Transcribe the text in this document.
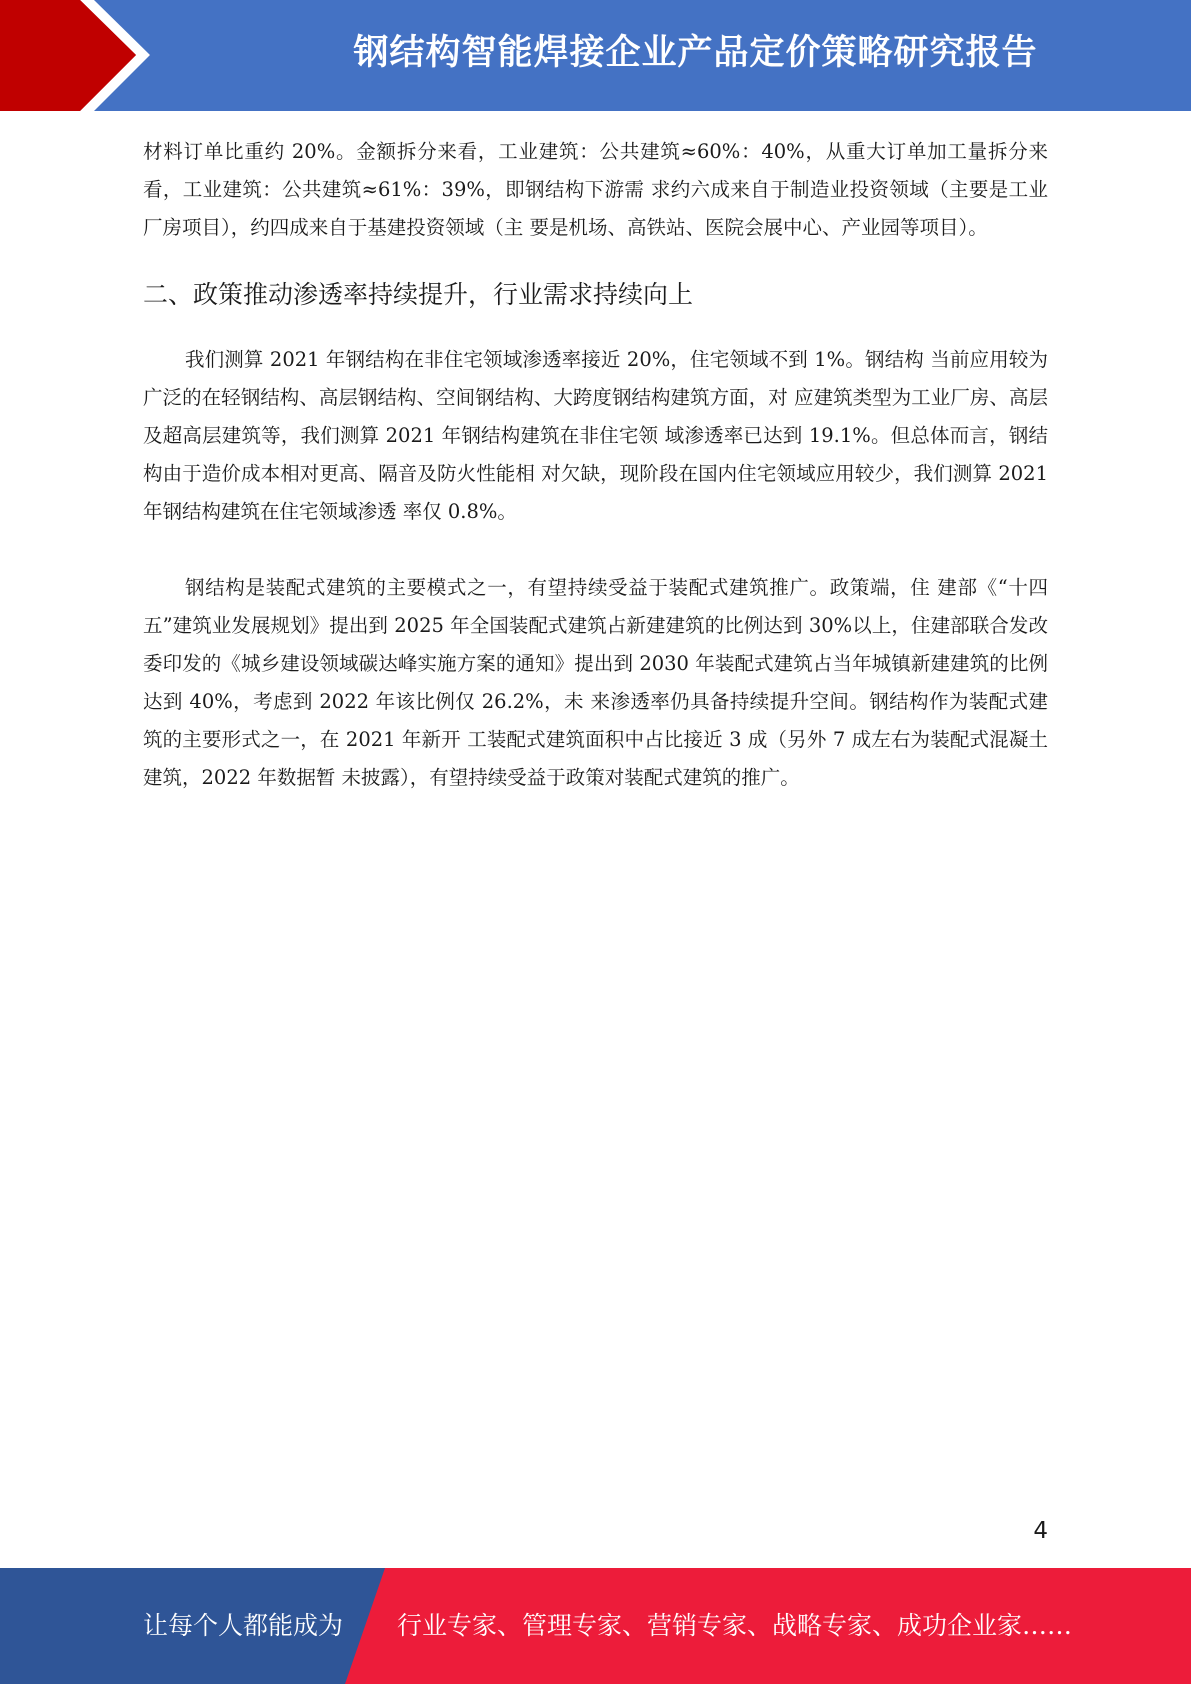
钢结构智能焊接企业产品定价策略研究报告

材料订单比重约 20%。金额拆分来看，工业建筑：公共建筑≈60%：40%，从重大订单加工量拆分来看，工业建筑：公共建筑≈61%：39%，即钢结构下游需 求约六成来自于制造业投资领域（主要是工业厂房项目），约四成来自于基建投资领域（主 要是机场、高铁站、医院会展中心、产业园等项目）。

二、政策推动渗透率持续提升，行业需求持续向上

我们测算 2021 年钢结构在非住宅领域渗透率接近 20%，住宅领域不到 1%。钢结构 当前应用较为广泛的在轻钢结构、高层钢结构、空间钢结构、大跨度钢结构建筑方面，对 应建筑类型为工业厂房、高层及超高层建筑等，我们测算 2021 年钢结构建筑在非住宅领 域渗透率已达到 19.1%。但总体而言，钢结构由于造价成本相对更高、隔音及防火性能相 对欠缺，现阶段在国内住宅领域应用较少，我们测算 2021 年钢结构建筑在住宅领域渗透 率仅 0.8%。

钢结构是装配式建筑的主要模式之一，有望持续受益于装配式建筑推广。政策端，住 建部《“十四五”建筑业发展规划》提出到 2025 年全国装配式建筑占新建建筑的比例达到 30%以上，住建部联合发改委印发的《城乡建设领域碳达峰实施方案的通知》提出到 2030 年装配式建筑占当年城镇新建建筑的比例达到 40%，考虑到 2022 年该比例仅 26.2%，未 来渗透率仍具备持续提升空间。钢结构作为装配式建筑的主要形式之一，在 2021 年新开 工装配式建筑面积中占比接近 3 成（另外 7 成左右为装配式混凝土建筑，2022 年数据暂 未披露），有望持续受益于政策对装配式建筑的推广。

4
让每个人都能成为 行业专家、管理专家、营销专家、战略专家、成功企业家……
